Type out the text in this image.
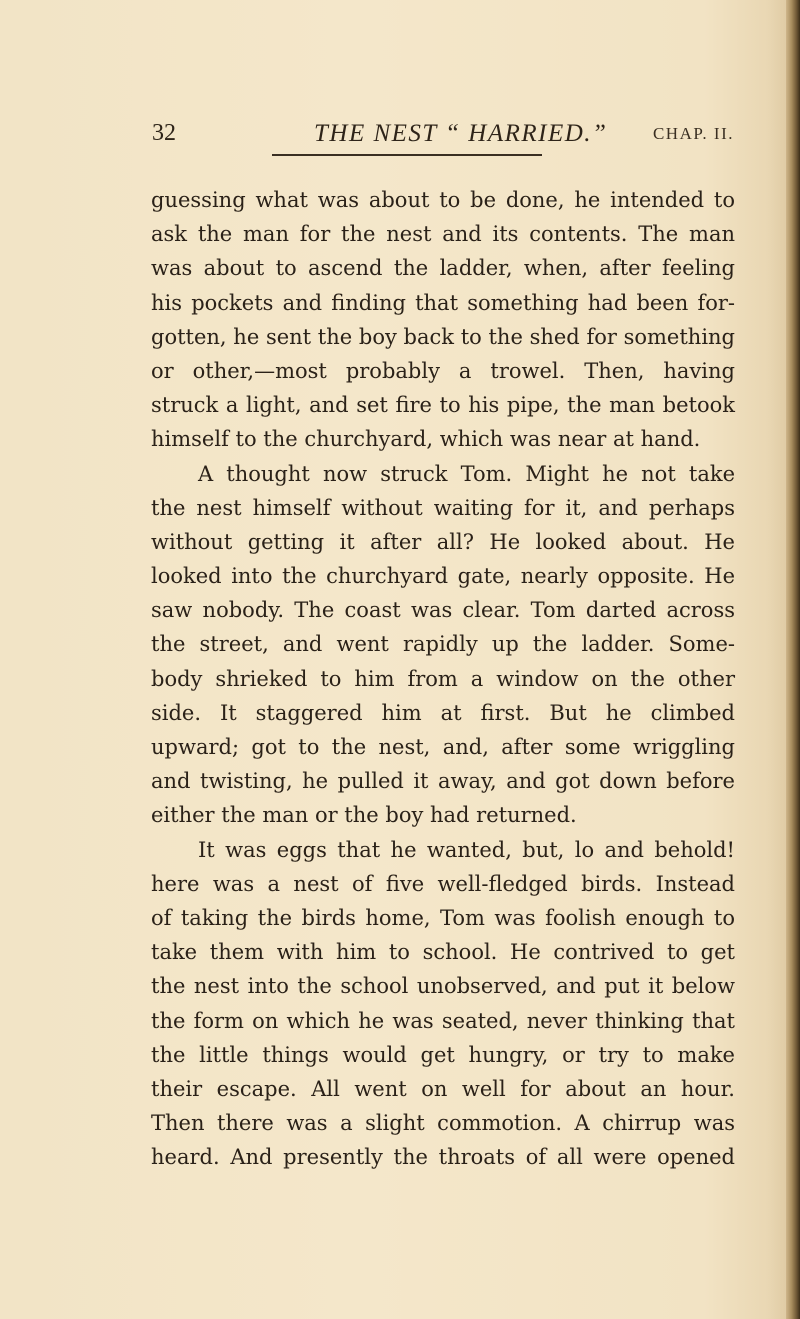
32	THE NEST “ HARRIED.”	CHAP. II.
guessing what was about to be done, he intended to
ask the man for the nest and its contents. The man
was about to ascend the ladder, when, after feeling
his pockets and finding that something had been for-
gotten, he sent the boy back to the shed for something
or other,—most probably a trowel. Then, having
struck a light, and set fire to his pipe, the man betook
himself to the churchyard, which was near at hand.
A thought now struck Tom. Might he not take
the nest himself without waiting for it, and perhaps
without getting it after all? He looked about. He
looked into the churchyard gate, nearly opposite. He
saw nobody. The coast was clear. Tom darted across
the street, and went rapidly up the ladder. Some-
body shrieked to him from a window on the other
side. It staggered him at first. But he climbed
upward; got to the nest, and, after some wriggling
and twisting, he pulled it away, and got down before
either the man or the boy had returned.
It was eggs that he wanted, but, lo and behold!
here was a nest of five well-fledged birds. Instead
of taking the birds home, Tom was foolish enough to
take them with him to school. He contrived to get
the nest into the school unobserved, and put it below
the form on which he was seated, never thinking that
the little things would get hungry, or try to make
their escape. All went on well for about an hour.
Then there was a slight commotion. A chirrup was
heard. And presently the throats of all were opened
